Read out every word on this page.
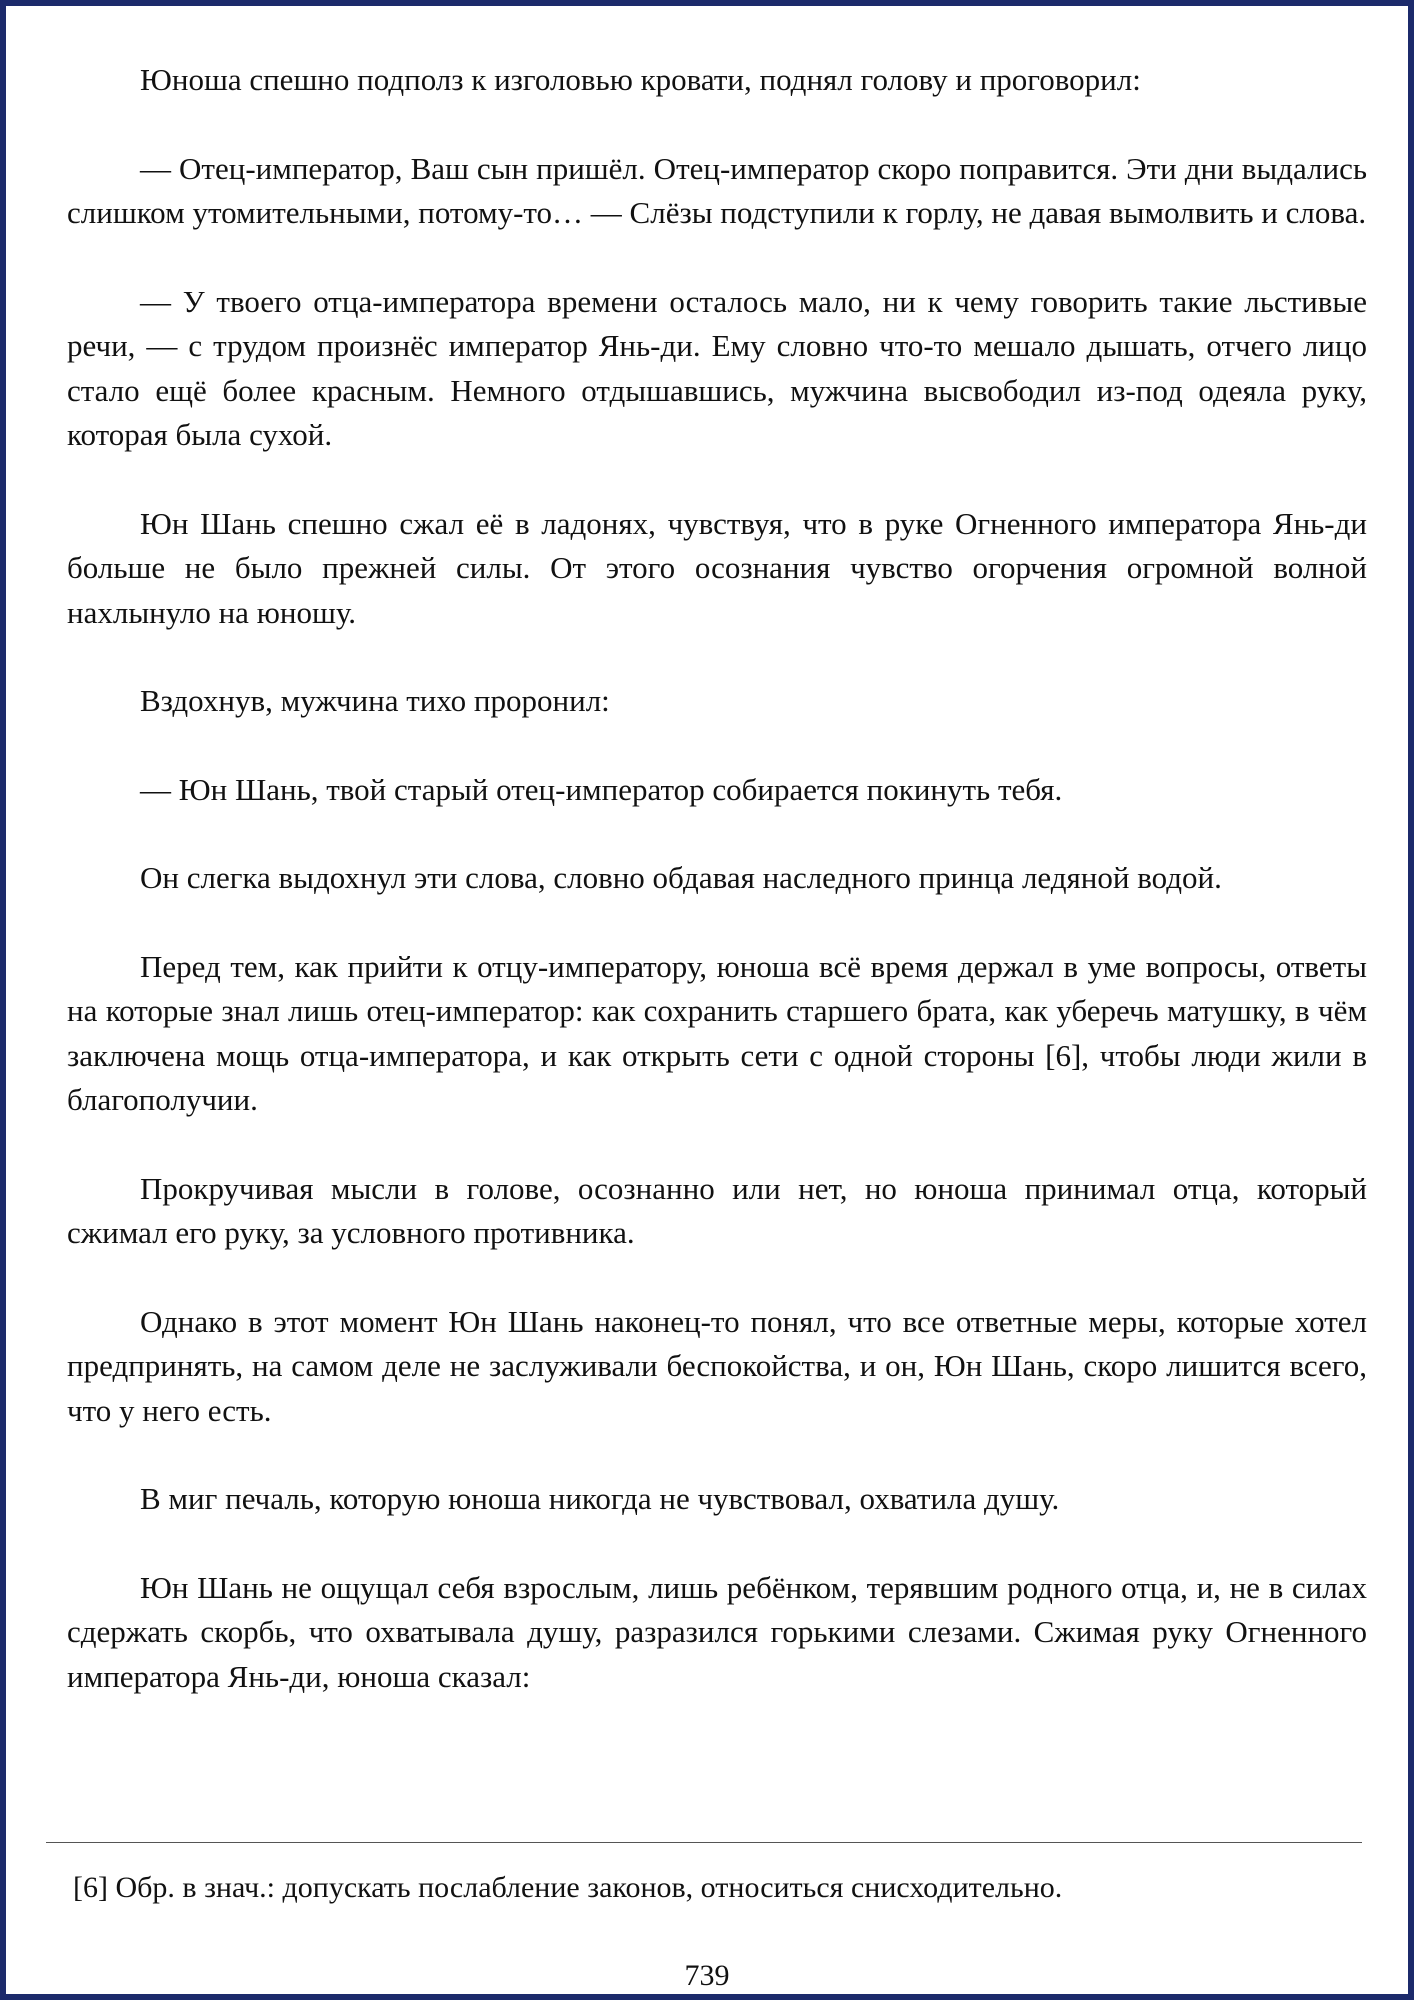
Юноша спешно подполз к изголовью кровати, поднял голову и проговорил:

— Отец-император, Ваш сын пришёл. Отец-император скоро поправится. Эти дни выдались слишком утомительными, потому-то… — Слёзы подступили к горлу, не давая вымолвить и слова.

— У твоего отца-императора времени осталось мало, ни к чему говорить такие льстивые речи, — с трудом произнёс император Янь-ди. Ему словно что-то мешало дышать, отчего лицо стало ещё более красным. Немного отдышавшись, мужчина высвободил из-под одеяла руку, которая была сухой.

Юн Шань спешно сжал её в ладонях, чувствуя, что в руке Огненного императора Янь-ди больше не было прежней силы. От этого осознания чувство огорчения огромной волной нахлынуло на юношу.

Вздохнув, мужчина тихо проронил:

— Юн Шань, твой старый отец-император собирается покинуть тебя.

Он слегка выдохнул эти слова, словно обдавая наследного принца ледяной водой.

Перед тем, как прийти к отцу-императору, юноша всё время держал в уме вопросы, ответы на которые знал лишь отец-император: как сохранить старшего брата, как уберечь матушку, в чём заключена мощь отца-императора, и как открыть сети с одной стороны [6], чтобы люди жили в благополучии.

Прокручивая мысли в голове, осознанно или нет, но юноша принимал отца, который сжимал его руку, за условного противника.

Однако в этот момент Юн Шань наконец-то понял, что все ответные меры, которые хотел предпринять, на самом деле не заслуживали беспокойства, и он, Юн Шань, скоро лишится всего, что у него есть.

В миг печаль, которую юноша никогда не чувствовал, охватила душу.

Юн Шань не ощущал себя взрослым, лишь ребёнком, терявшим родного отца, и, не в силах сдержать скорбь, что охватывала душу, разразился горькими слезами. Сжимая руку Огненного императора Янь-ди, юноша сказал:

[6] Обр. в знач.: допускать послабление законов, относиться снисходительно.

739
